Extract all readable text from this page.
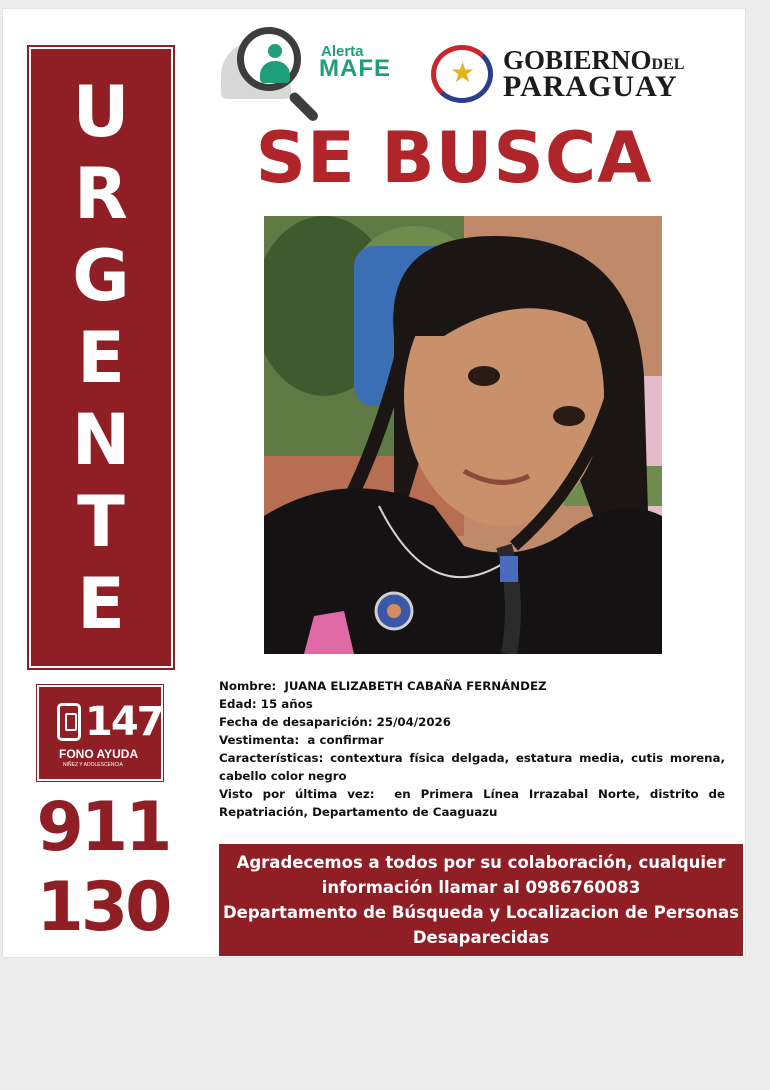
U
R
G
E
N
T
E
Alerta
MAFE ★ GOBIERNODEL
PARAGUAY
SE BUSCA
Nombre: JUANA ELIZABETH CABAÑA FERNÁNDEZ
Edad: 15 años
Fecha de desaparición: 25/04/2026
Vestimenta: a confirmar
Características: contextura física delgada, estatura media, cutis morena, cabello color negro
Visto por última vez: en Primera Línea Irrazabal Norte, distrito de Repatriación, Departamento de Caaguazu
147
FONO AYUDA
NIÑEZ Y ADOLESCENCIA
911
130
Agradecemos a todos por su colaboración, cualquier
información llamar al 0986760083
Departamento de Búsqueda y Localizacion de Personas
Desaparecidas
